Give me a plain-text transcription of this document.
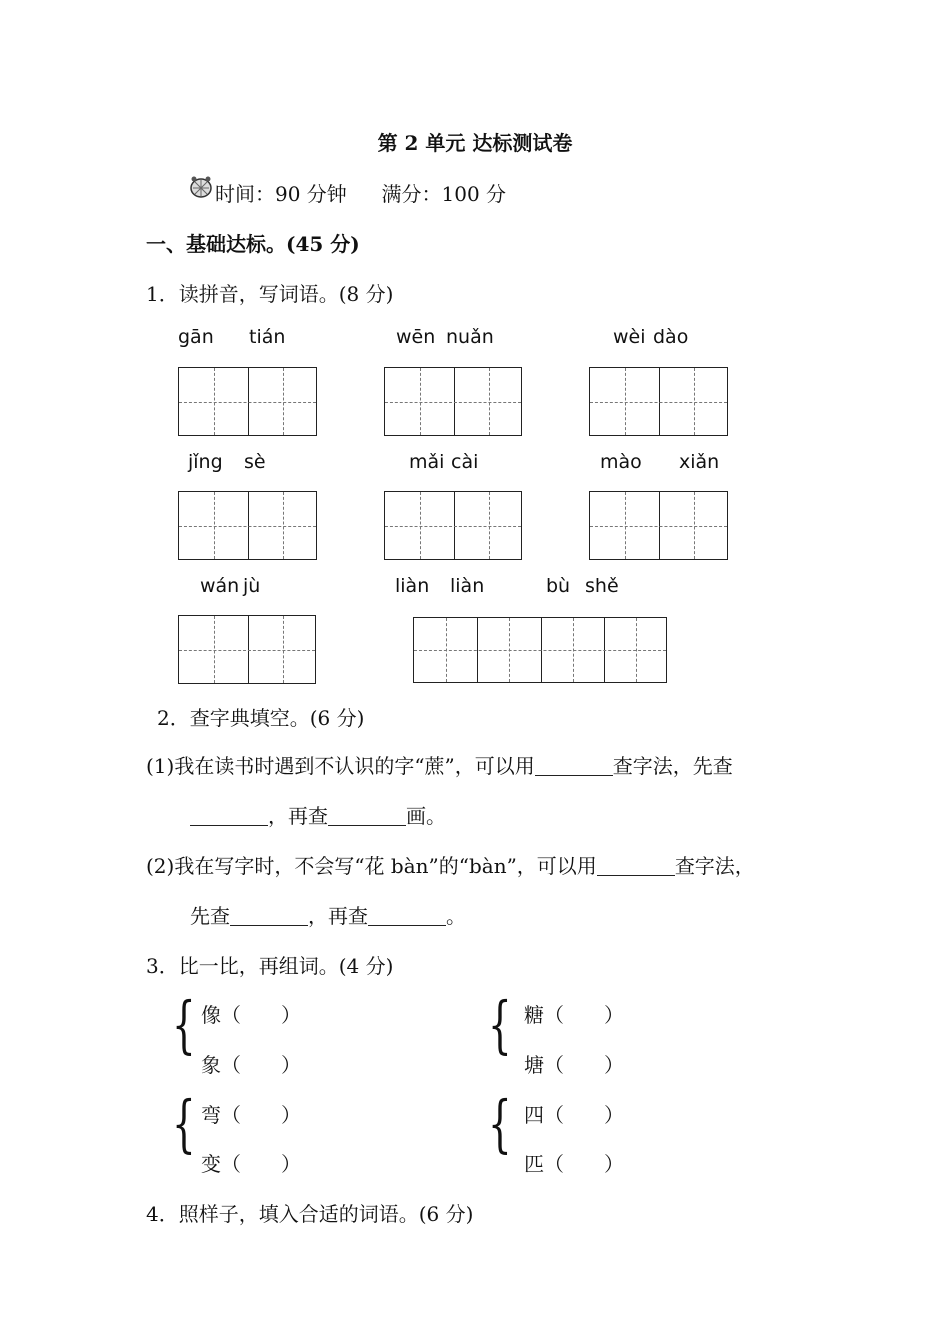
第 2 单元 达标测试卷
时间：90 分钟 满分：100 分
一、基础达标。(45 分)
1．读拼音，写词语。(8 分)
gān tián	wēn nuǎn	wèi dào
jǐng sè	mǎi cài	mào xiǎn
wán jù	liàn liàn	bù shě
2．查字典填空。(6 分)
(1)我在读书时遇到不认识的字“蔗”，可以用	查字法，先查
，再查	画。
(2)我在写字时，不会写“花 bàn”的“bàn”，可以用	查字法，
先查	，再查	。
3．比一比，再组词。(4 分)
{ 像（　　）
象（　　）
{ 糖（　　）
塘（　　）
{ 弯（　　）
变（　　）
{ 四（　　）
匹（　　）
4．照样子，填入合适的词语。(6 分)
